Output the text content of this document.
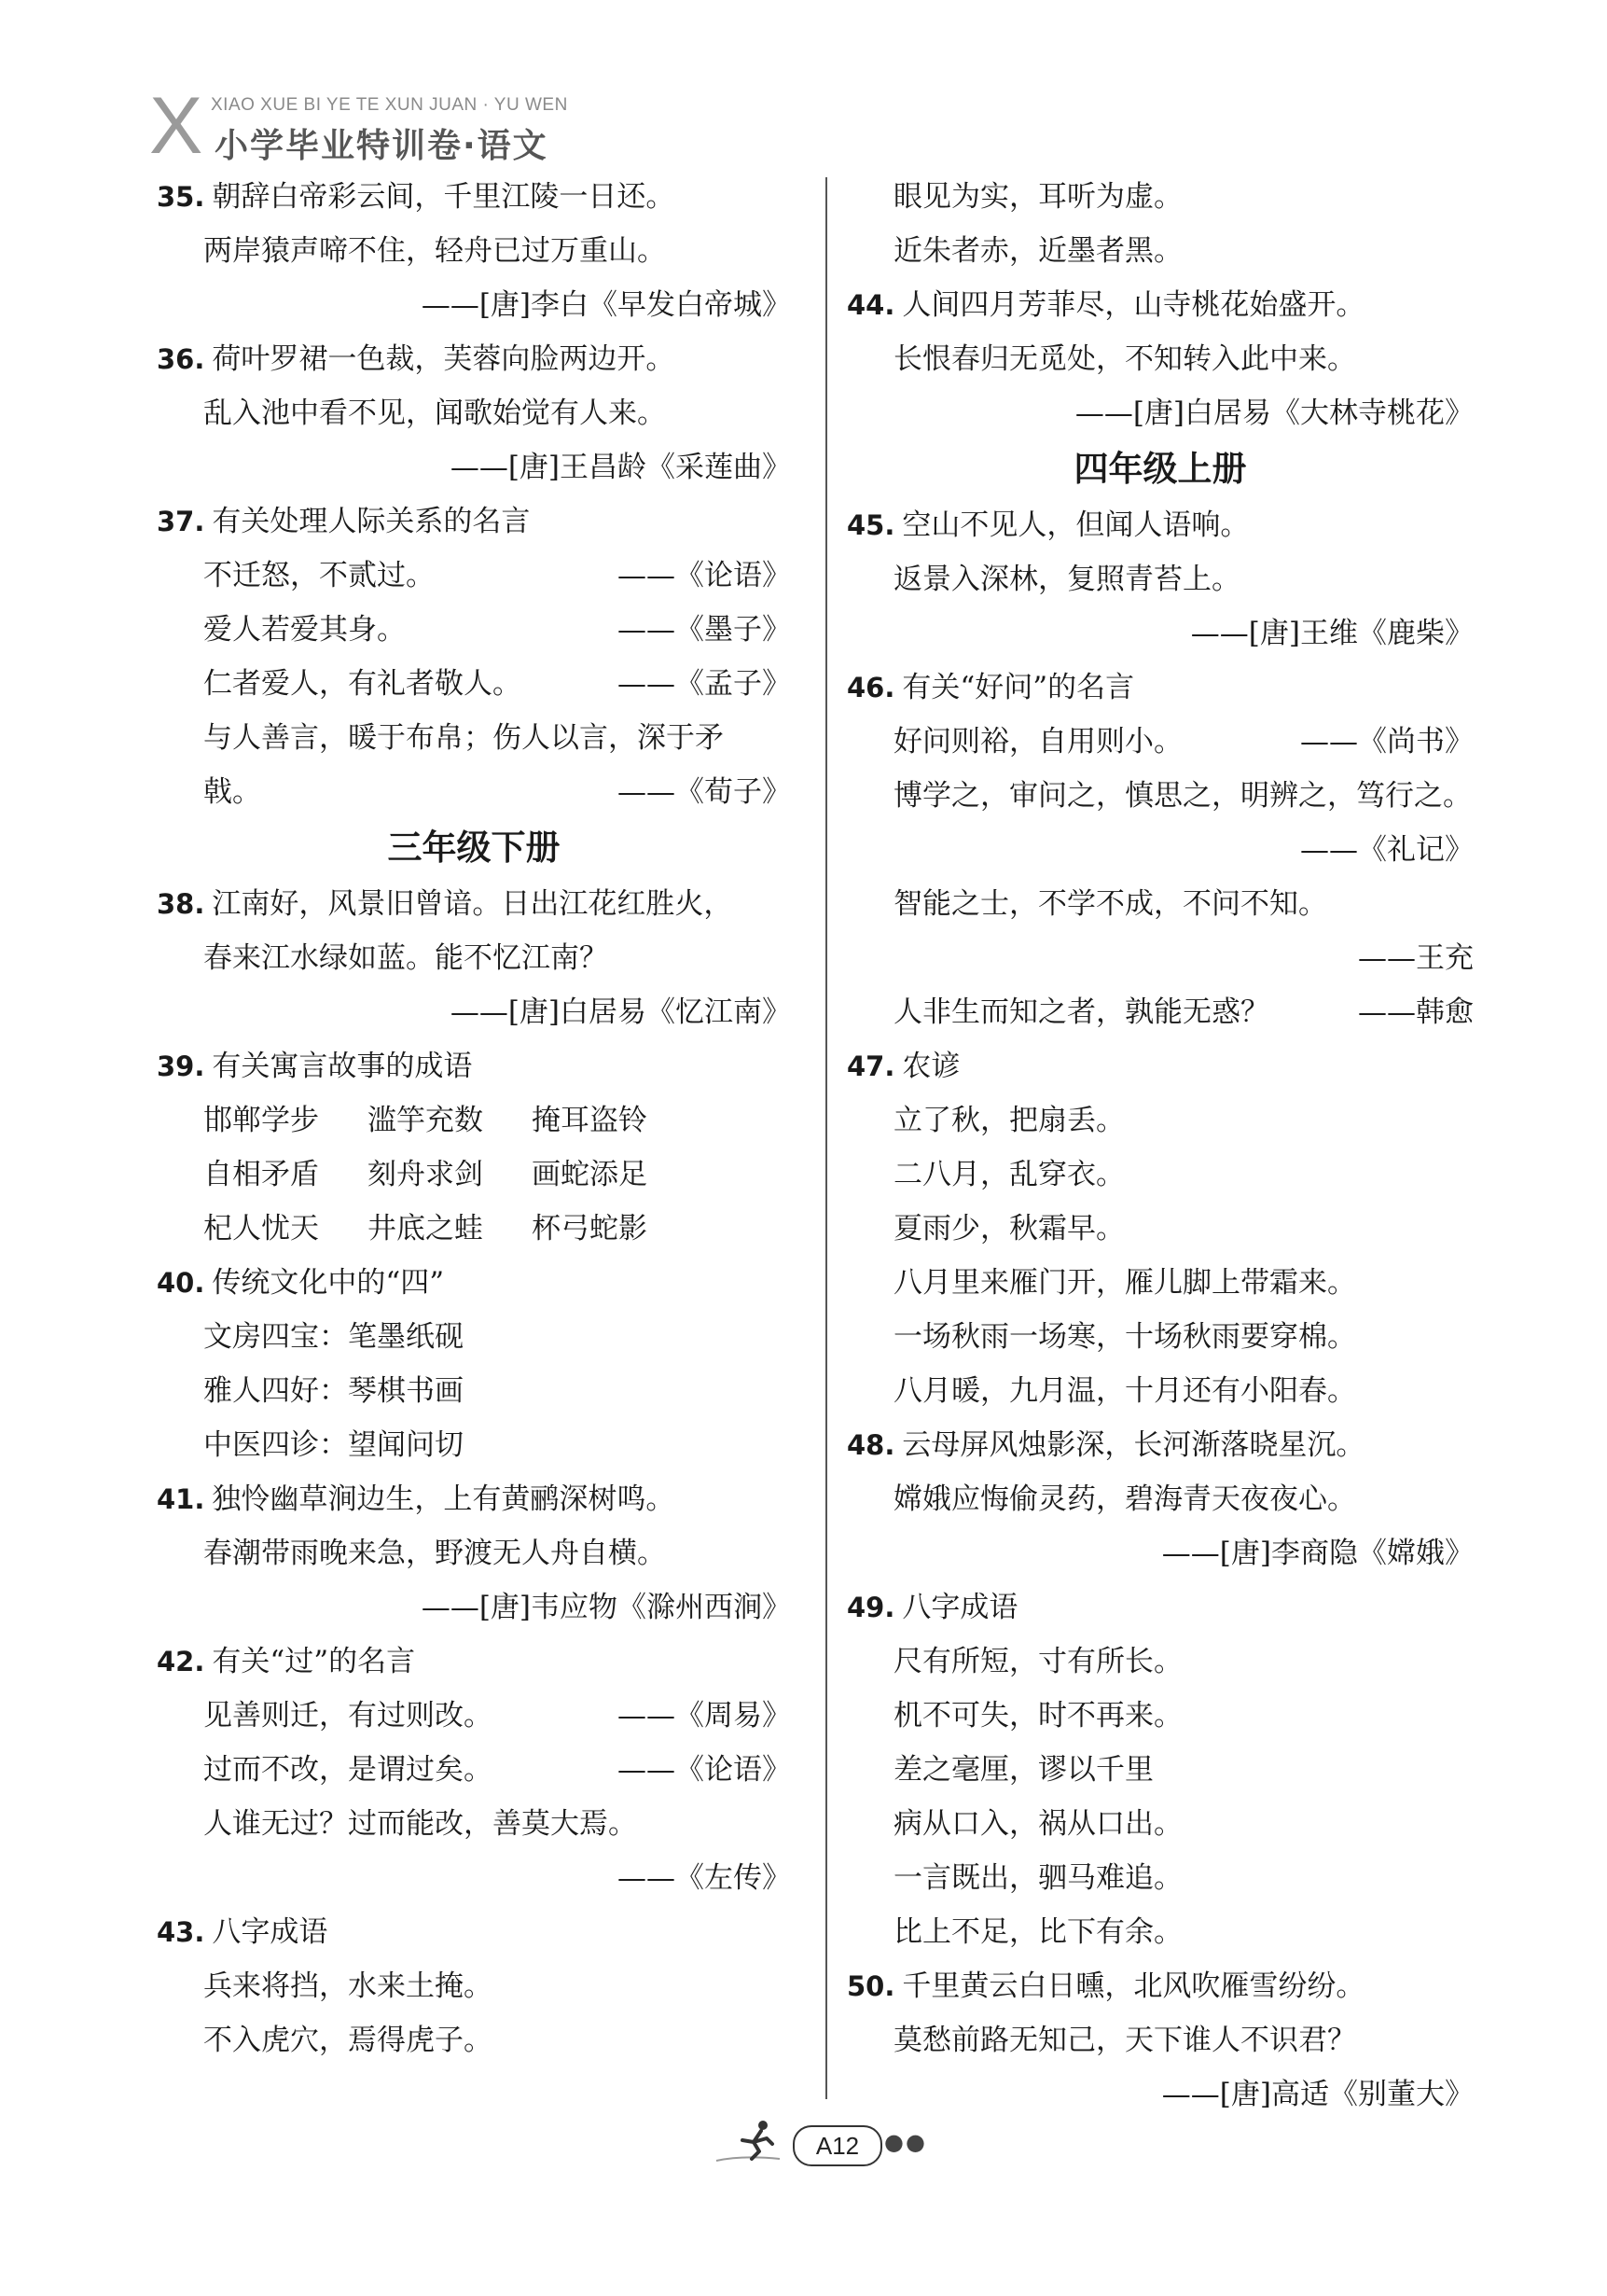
X XIAO XUE BI YE TE XUN JUAN · YU WEN
小学毕业特训卷·语文
35. 朝辞白帝彩云间，千里江陵一日还。
两岸猿声啼不住，轻舟已过万重山。
——[唐]李白《早发白帝城》
36. 荷叶罗裙一色裁，芙蓉向脸两边开。
乱入池中看不见，闻歌始觉有人来。
——[唐]王昌龄《采莲曲》
37. 有关处理人际关系的名言
不迁怒，不贰过。	——《论语》
爱人若爱其身。	——《墨子》
仁者爱人，有礼者敬人。	——《孟子》
与人善言，暖于布帛；伤人以言，深于矛
戟。	——《荀子》
三年级下册
38. 江南好，风景旧曾谙。日出江花红胜火，
春来江水绿如蓝。能不忆江南？
——[唐]白居易《忆江南》
39. 有关寓言故事的成语
邯郸学步	滥竽充数	掩耳盗铃
自相矛盾	刻舟求剑	画蛇添足
杞人忧天	井底之蛙	杯弓蛇影
40. 传统文化中的“四”
文房四宝：笔墨纸砚
雅人四好：琴棋书画
中医四诊：望闻问切
41. 独怜幽草涧边生，上有黄鹂深树鸣。
春潮带雨晚来急，野渡无人舟自横。
——[唐]韦应物《滁州西涧》
42. 有关“过”的名言
见善则迁，有过则改。	——《周易》
过而不改，是谓过矣。	——《论语》
人谁无过？过而能改，善莫大焉。
——《左传》
43. 八字成语
兵来将挡，水来土掩。
不入虎穴，焉得虎子。
眼见为实，耳听为虚。
近朱者赤，近墨者黑。
44. 人间四月芳菲尽，山寺桃花始盛开。
长恨春归无觅处，不知转入此中来。
——[唐]白居易《大林寺桃花》
四年级上册
45. 空山不见人，但闻人语响。
返景入深林，复照青苔上。
——[唐]王维《鹿柴》
46. 有关“好问”的名言
好问则裕，自用则小。	——《尚书》
博学之，审问之，慎思之，明辨之，笃行之。
——《礼记》
智能之士，不学不成，不问不知。
——王充
人非生而知之者，孰能无惑？	——韩愈
47. 农谚
立了秋，把扇丢。
二八月，乱穿衣。
夏雨少，秋霜早。
八月里来雁门开，雁儿脚上带霜来。
一场秋雨一场寒，十场秋雨要穿棉。
八月暖，九月温，十月还有小阳春。
48. 云母屏风烛影深，长河渐落晓星沉。
嫦娥应悔偷灵药，碧海青天夜夜心。
——[唐]李商隐《嫦娥》
49. 八字成语
尺有所短，寸有所长。
机不可失，时不再来。
差之毫厘，谬以千里
病从口入，祸从口出。
一言既出，驷马难追。
比上不足，比下有余。
50. 千里黄云白日曛，北风吹雁雪纷纷。
莫愁前路无知己，天下谁人不识君？
——[唐]高适《别董大》
A12	●●
